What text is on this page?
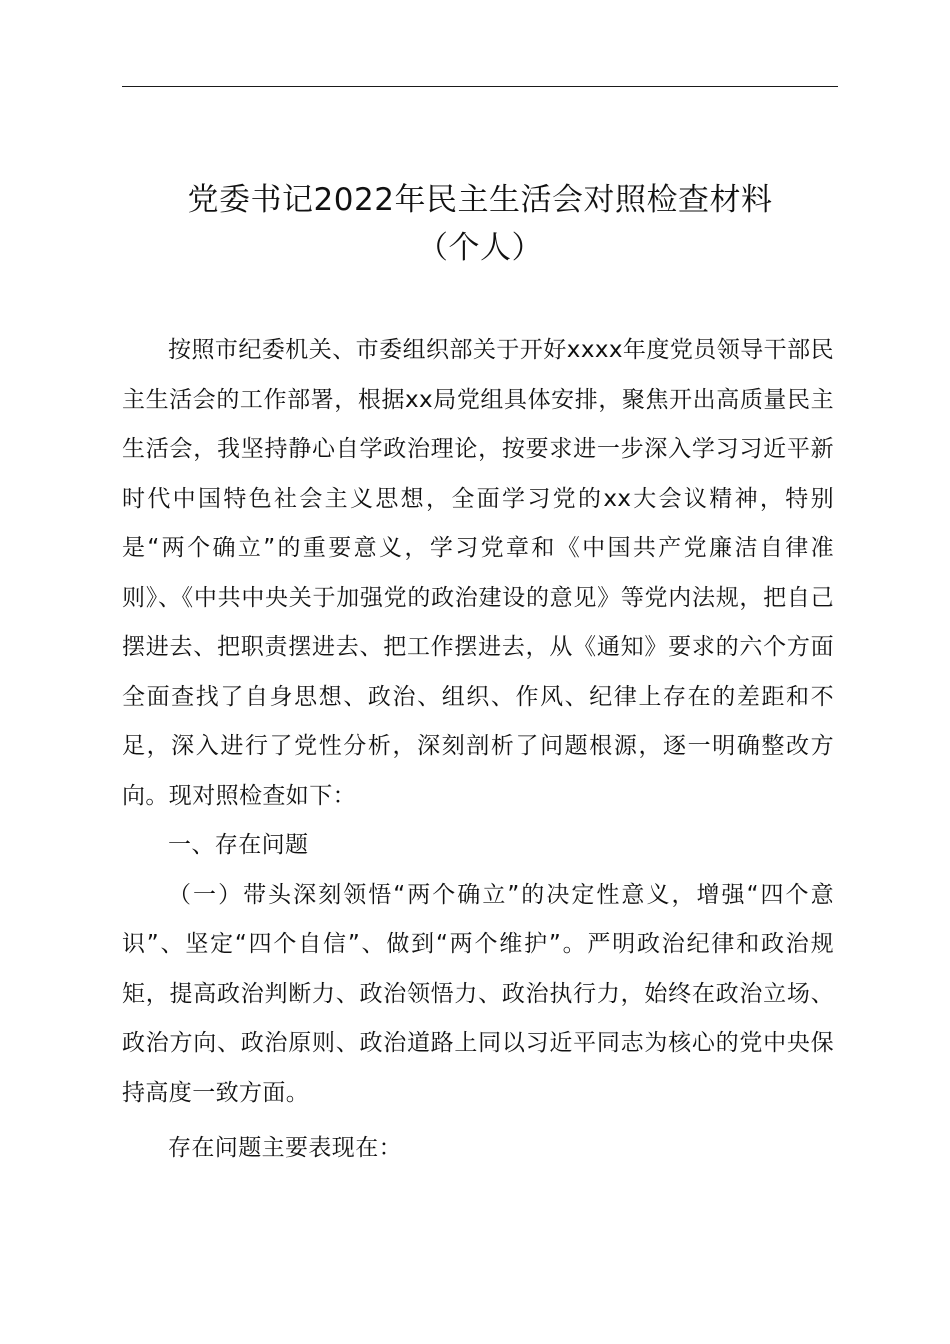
党委书记2022年民主生活会对照检查材料
（个人）

按照市纪委机关、市委组织部关于开好xxxx年度党员领导干部民主生活会的工作部署，根据xx局党组具体安排，聚焦开出高质量民主生活会，我坚持静心自学政治理论，按要求进一步深入学习习近平新时代中国特色社会主义思想，全面学习党的xx大会议精神，特别是“两个确立”的重要意义，学习党章和《中国共产党廉洁自律准则》、《中共中央关于加强党的政治建设的意见》等党内法规，把自己摆进去、把职责摆进去、把工作摆进去，从《通知》要求的六个方面全面查找了自身思想、政治、组织、作风、纪律上存在的差距和不足，深入进行了党性分析，深刻剖析了问题根源，逐一明确整改方向。现对照检查如下：

一、存在问题

（一）带头深刻领悟“两个确立”的决定性意义，增强“四个意识”、坚定“四个自信”、做到“两个维护”。严明政治纪律和政治规矩，提高政治判断力、政治领悟力、政治执行力，始终在政治立场、政治方向、政治原则、政治道路上同以习近平同志为核心的党中央保持高度一致方面。

存在问题主要表现在：
